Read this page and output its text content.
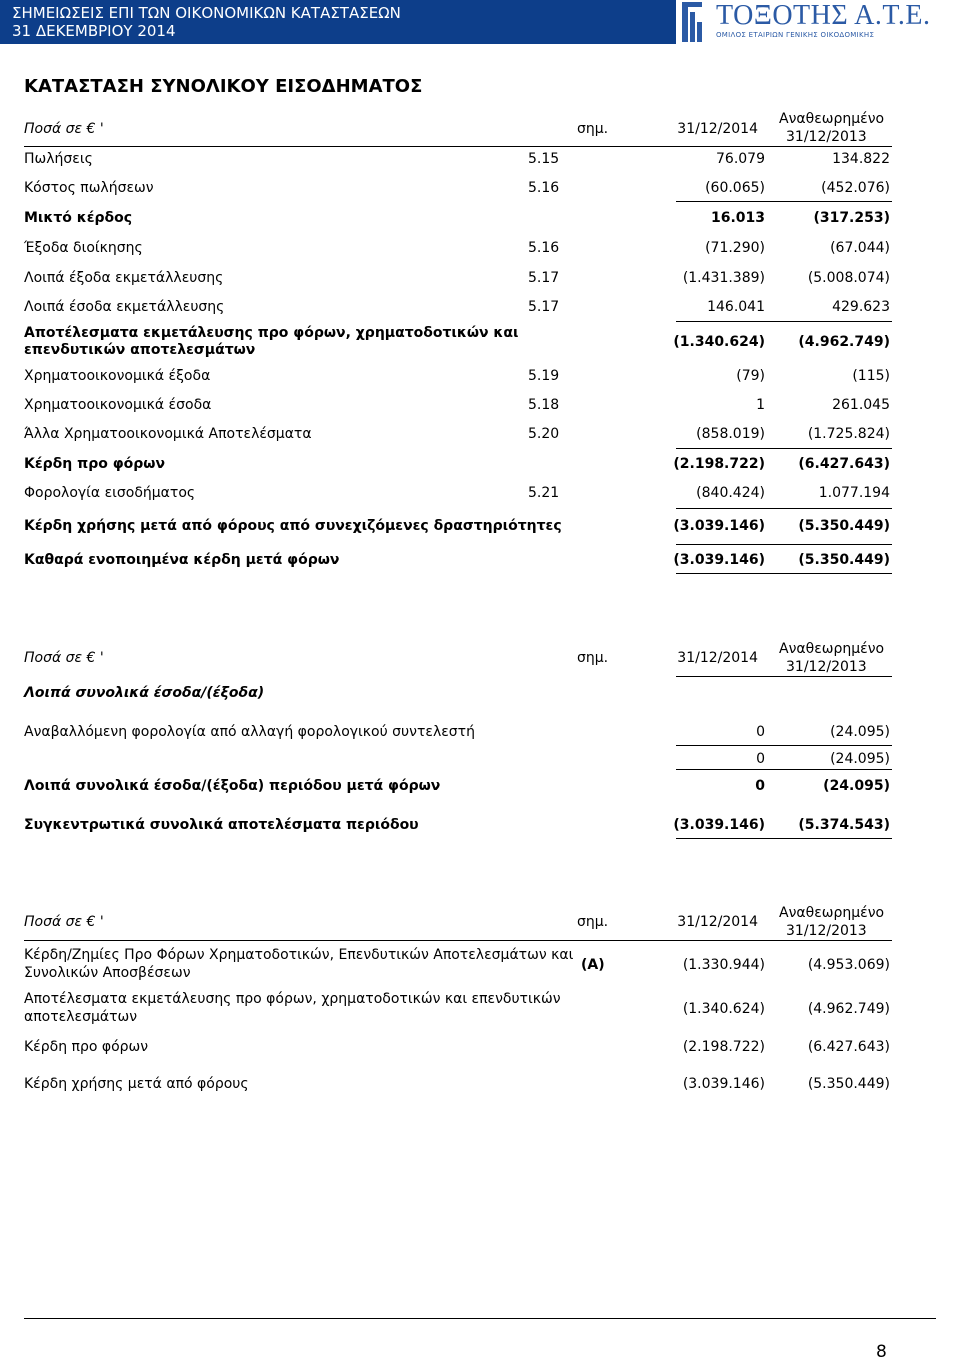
ΣΗΜΕΙΩΣΕΙΣ ΕΠΙ ΤΩΝ ΟΙΚΟΝΟΜΙΚΩΝ ΚΑΤΑΣΤΑΣΕΩΝ
31 ΔΕΚΕΜΒΡΙΟΥ 2014	ΤΟΞΟΤΗΣ Α.Τ.Ε.
ΟΜΙΛΟΣ ΕΤΑΙΡΙΩΝ ΓΕΝΙΚΗΣ ΟΙΚΟΔΟΜΙΚΗΣ
ΚΑΤΑΣΤΑΣΗ ΣΥΝΟΛΙΚΟΥ ΕΙΣΟΔΗΜΑΤΟΣ
Ποσά σε € '	σημ.	31/12/2014
Αναθεωρημένο
31/12/2013
Πωλήσεις	5.15	76.079	134.822
Κόστος πωλήσεων	5.16	(60.065)	(452.076)
Μικτό κέρδος	16.013	(317.253)
Έξοδα διοίκησης	5.16	(71.290)	(67.044)
Λοιπά έξοδα εκμετάλλευσης	5.17	(1.431.389)	(5.008.074)
Λοιπά έσοδα εκμετάλλευσης	5.17	146.041	429.623
Αποτέλεσματα εκμετάλευσης προ φόρων, χρηματοδοτικών και
επενδυτικών αποτελεσμάτων	(1.340.624)	(4.962.749)
Χρηματοοικονομικά έξοδα	5.19	(79)	(115)
Χρηματοοικονομικά έσοδα	5.18	1	261.045
Άλλα Χρηματοοικονομικά Αποτελέσματα	5.20	(858.019)	(1.725.824)
Κέρδη προ φόρων	(2.198.722)	(6.427.643)
Φορολογία εισοδήματος	5.21	(840.424)	1.077.194
Κέρδη χρήσης μετά από φόρους από συνεχιζόμενες δραστηριότητες	(3.039.146)	(5.350.449)
Καθαρά ενοποιημένα κέρδη μετά φόρων	(3.039.146)	(5.350.449)
Ποσά σε € '	σημ.	31/12/2014
Αναθεωρημένο
31/12/2013
Λοιπά συνολικά έσοδα/(έξοδα)
Αναβαλλόμενη φορολογία από αλλαγή φορολογικού συντελεστή	0	(24.095)
0	(24.095)
Λοιπά συνολικά έσοδα/(έξοδα) περιόδου μετά φόρων	0	(24.095)
Συγκεντρωτικά συνολικά αποτελέσματα περιόδου	(3.039.146)	(5.374.543)
Ποσά σε € '	σημ.	31/12/2014
Αναθεωρημένο
31/12/2013
Κέρδη/Ζημίες Προ Φόρων Χρηματοδοτικών, Επενδυτικών Αποτελεσμάτων και
Συνολικών Αποσβέσεων	(Α)	(1.330.944)	(4.953.069)
Αποτέλεσματα εκμετάλευσης προ φόρων, χρηματοδοτικών και επενδυτικών
αποτελεσμάτων	(1.340.624)	(4.962.749)
Κέρδη προ φόρων	(2.198.722)	(6.427.643)
Κέρδη χρήσης μετά από φόρους	(3.039.146)	(5.350.449)
8
